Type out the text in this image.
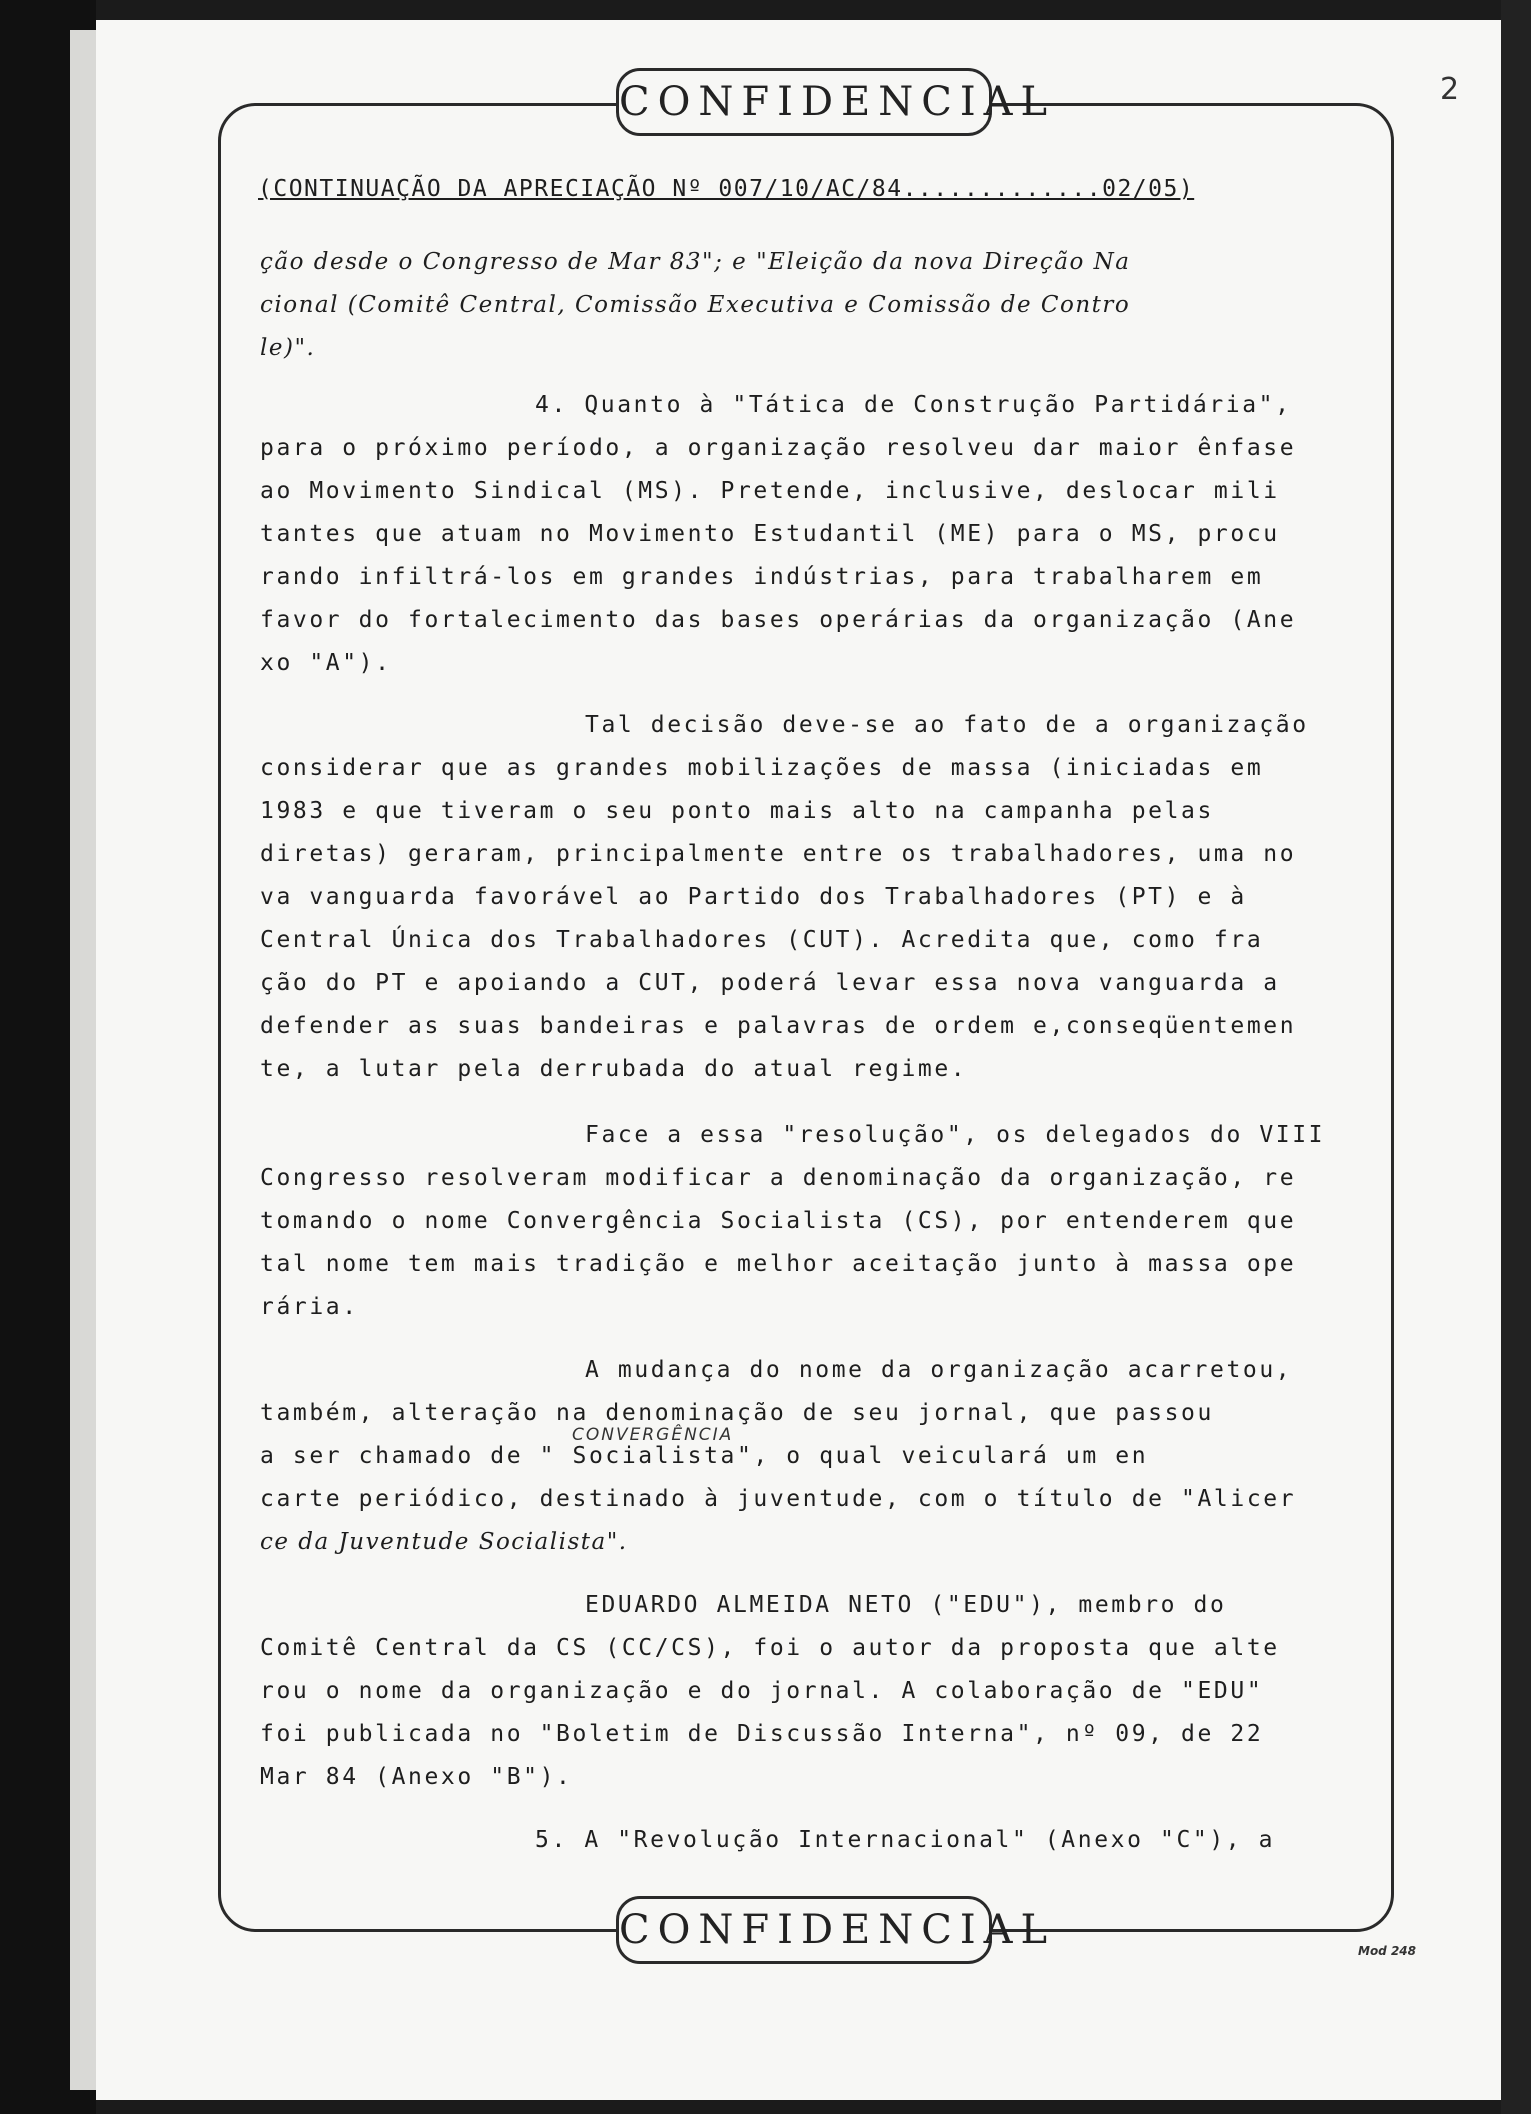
CONFIDENCIAL	2
(CONTINUAÇÃO DA APRECIAÇÃO Nº 007/10/AC/84.............02/05)
ção desde o Congresso de Mar 83"; e "Eleição da nova Direção Na
cional (Comitê Central, Comissão Executiva e Comissão de Contro
le)".
4. Quanto à "Tática de Construção Partidária",
para o próximo período, a organização resolveu dar maior ênfase
ao Movimento Sindical (MS). Pretende, inclusive, deslocar mili
tantes que atuam no Movimento Estudantil (ME) para o MS, procu
rando infiltrá-los em grandes indústrias, para trabalharem em
favor do fortalecimento das bases operárias da organização (Ane
xo "A").
Tal decisão deve-se ao fato de a organização
considerar que as grandes mobilizações de massa (iniciadas em
1983 e que tiveram o seu ponto mais alto na campanha pelas
diretas) geraram, principalmente entre os trabalhadores, uma no
va vanguarda favorável ao Partido dos Trabalhadores (PT) e à
Central Única dos Trabalhadores (CUT). Acredita que, como fra
ção do PT e apoiando a CUT, poderá levar essa nova vanguarda a
defender as suas bandeiras e palavras de ordem e,conseqüentemen
te, a lutar pela derrubada do atual regime.
Face a essa "resolução", os delegados do VIII
Congresso resolveram modificar a denominação da organização, re
tomando o nome Convergência Socialista (CS), por entenderem que
tal nome tem mais tradição e melhor aceitação junto à massa ope
rária.
A mudança do nome da organização acarretou,
também, alteração na denominação de seu jornal, que passou
CONVERGÊNCIA
a ser chamado de " Socialista", o qual veiculará um en
carte periódico, destinado à juventude, com o título de "Alicer
ce da Juventude Socialista".
EDUARDO ALMEIDA NETO ("EDU"), membro do
Comitê Central da CS (CC/CS), foi o autor da proposta que alte
rou o nome da organização e do jornal. A colaboração de "EDU"
foi publicada no "Boletim de Discussão Interna", nº 09, de 22
Mar 84 (Anexo "B").
5. A "Revolução Internacional" (Anexo "C"), a
CONFIDENCIAL	Mod 248
